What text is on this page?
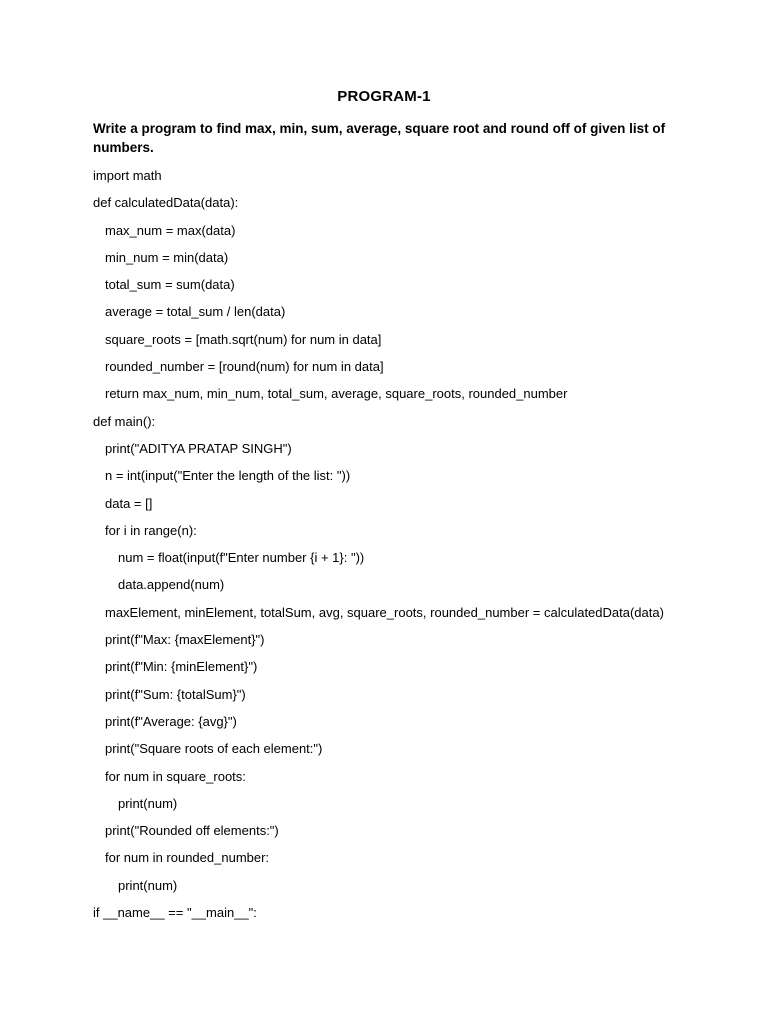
PROGRAM-1
Write a program to find max, min, sum, average, square root and round off of given list of numbers.
import math
def calculatedData(data):
max_num = max(data)
min_num = min(data)
total_sum = sum(data)
average = total_sum / len(data)
square_roots = [math.sqrt(num) for num in data]
rounded_number = [round(num) for num in data]
return max_num, min_num, total_sum, average, square_roots, rounded_number
def main():
print("ADITYA PRATAP SINGH")
n = int(input("Enter the length of the list: "))
data = []
for i in range(n):
num = float(input(f"Enter number {i + 1}: "))
data.append(num)
maxElement, minElement, totalSum, avg, square_roots, rounded_number = calculatedData(data)
print(f"Max: {maxElement}")
print(f"Min: {minElement}")
print(f"Sum: {totalSum}")
print(f"Average: {avg}")
print("Square roots of each element:")
for num in square_roots:
print(num)
print("Rounded off elements:")
for num in rounded_number:
print(num)
if __name__ == "__main__":
